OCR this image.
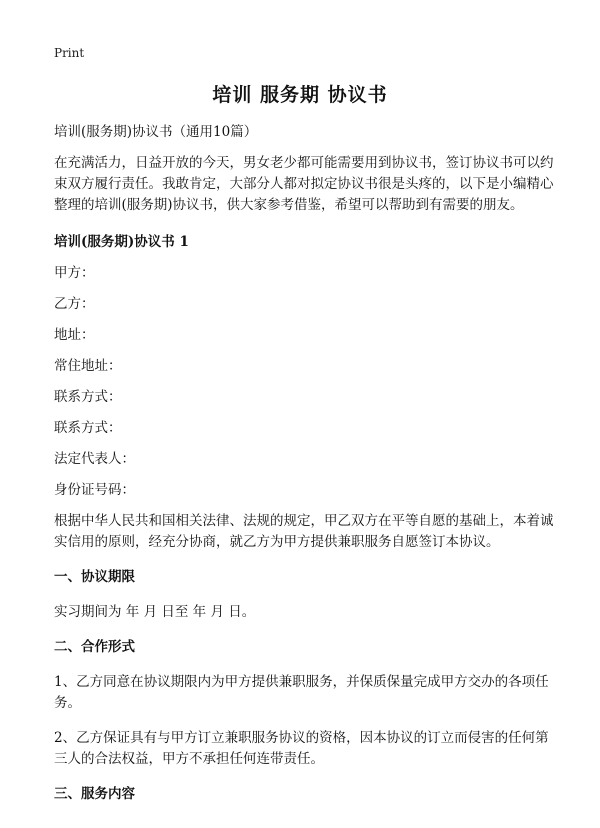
Print
培训 服务期 协议书

培训(服务期)协议书（通用10篇）

在充满活力，日益开放的今天，男女老少都可能需要用到协议书，签订协议书可以约束双方履行责任。我敢肯定，大部分人都对拟定协议书很是头疼的，以下是小编精心整理的培训(服务期)协议书，供大家参考借鉴，希望可以帮助到有需要的朋友。

培训(服务期)协议书 1

甲方：

乙方：

地址：

常住地址：

联系方式：

联系方式：

法定代表人：

身份证号码：

根据中华人民共和国相关法律、法规的规定，甲乙双方在平等自愿的基础上，本着诚实信用的原则，经充分协商，就乙方为甲方提供兼职服务自愿签订本协议。

一、协议期限

实习期间为 年 月 日至 年 月 日。

二、合作形式

1、乙方同意在协议期限内为甲方提供兼职服务，并保质保量完成甲方交办的各项任务。

2、乙方保证具有与甲方订立兼职服务协议的资格，因本协议的订立而侵害的任何第三人的合法权益，甲方不承担任何连带责任。

三、服务内容
